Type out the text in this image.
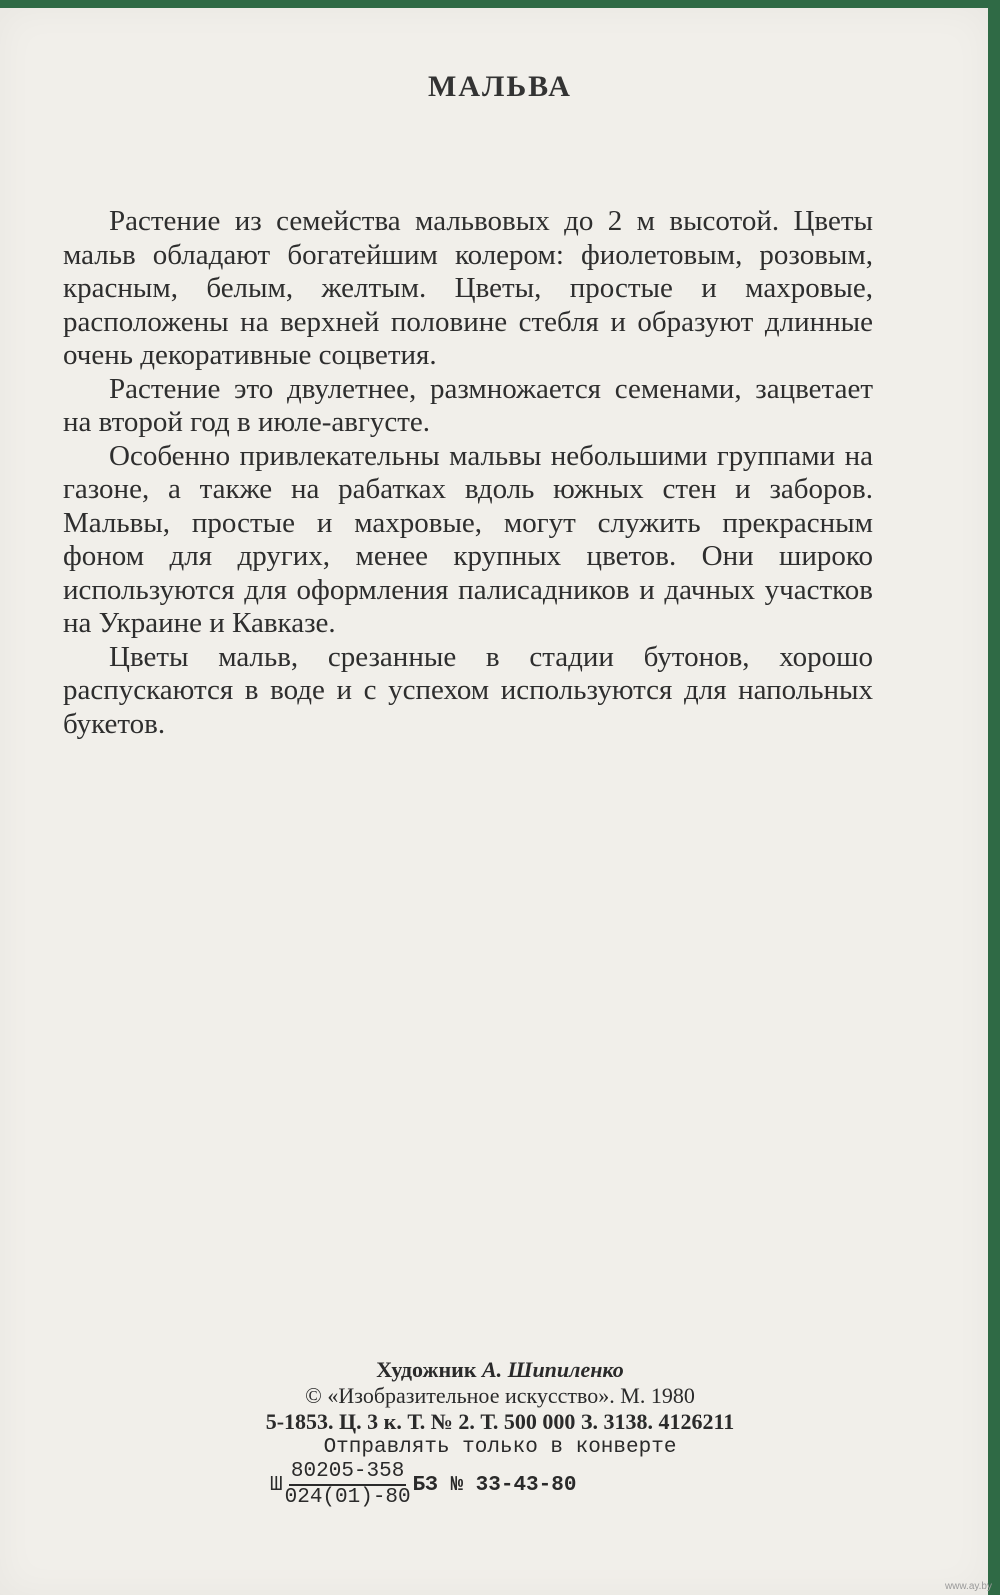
МАЛЬВА

Растение из семейства мальвовых до 2 м высотой. Цветы мальв обладают богатейшим колером: фиолетовым, розовым, красным, белым, желтым. Цветы, простые и махровые, расположены на верхней половине стебля и образуют длинные очень декоративные соцветия.

Растение это двулетнее, размножается семенами, зацветает на второй год в июле-августе.

Особенно привлекательны мальвы небольшими группами на газоне, а также на рабатках вдоль южных стен и заборов. Мальвы, простые и махровые, могут служить прекрасным фоном для других, менее крупных цветов. Они широко используются для оформления палисадников и дачных участков на Украине и Кавказе.

Цветы мальв, срезанные в стадии бутонов, хорошо распускаются в воде и с успехом используются для напольных букетов.

Художник А. Шипиленко
© «Изобразительное искусство». М. 1980
5-1853. Ц. 3 к. Т. № 2. Т. 500 000 З. 3138. 4126211
Отправлять только в конверте
Ш $\frac{80205-358}{024(01)-80}$ БЗ № 33-43-80
www.ay.by
